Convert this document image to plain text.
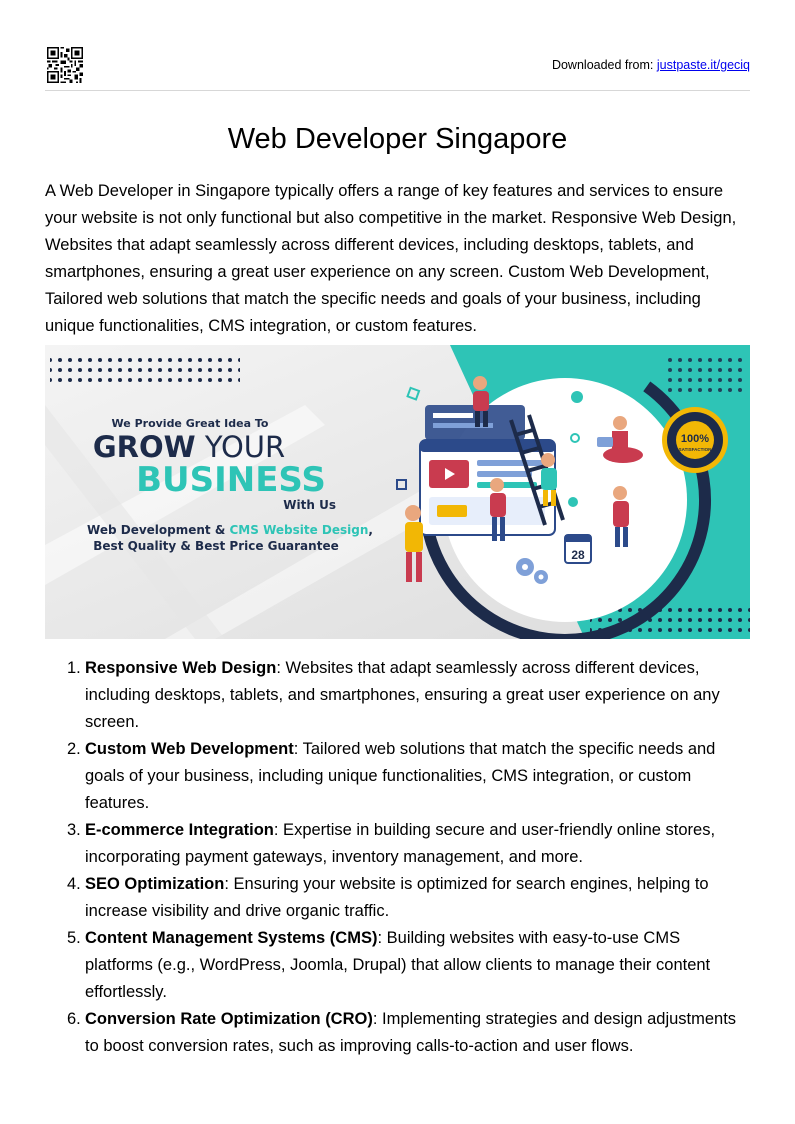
Downloaded from: justpaste.it/geciq
Web Developer Singapore

A Web Developer in Singapore typically offers a range of key features and services to ensure your website is not only functional but also competitive in the market. Responsive Web Design, Websites that adapt seamlessly across different devices, including desktops, tablets, and smartphones, ensuring a great user experience on any screen. Custom Web Development, Tailored web solutions that match the specific needs and goals of your business, including unique functionalities, CMS integration, or custom features.

28
100%
SATISFACTION
We Provide Great Idea To
GROW YOUR
BUSINESS
With Us
Web Development & CMS Website Design,
Best Quality & Best Price Guarantee
1. Responsive Web Design: Websites that adapt seamlessly across different devices, including desktops, tablets, and smartphones, ensuring a great user experience on any screen.
2. Custom Web Development: Tailored web solutions that match the specific needs and goals of your business, including unique functionalities, CMS integration, or custom features.
3. E-commerce Integration: Expertise in building secure and user-friendly online stores, incorporating payment gateways, inventory management, and more.
4. SEO Optimization: Ensuring your website is optimized for search engines, helping to increase visibility and drive organic traffic.
5. Content Management Systems (CMS): Building websites with easy-to-use CMS platforms (e.g., WordPress, Joomla, Drupal) that allow clients to manage their content effortlessly.
6. Conversion Rate Optimization (CRO): Implementing strategies and design adjustments to boost conversion rates, such as improving calls-to-action and user flows.
